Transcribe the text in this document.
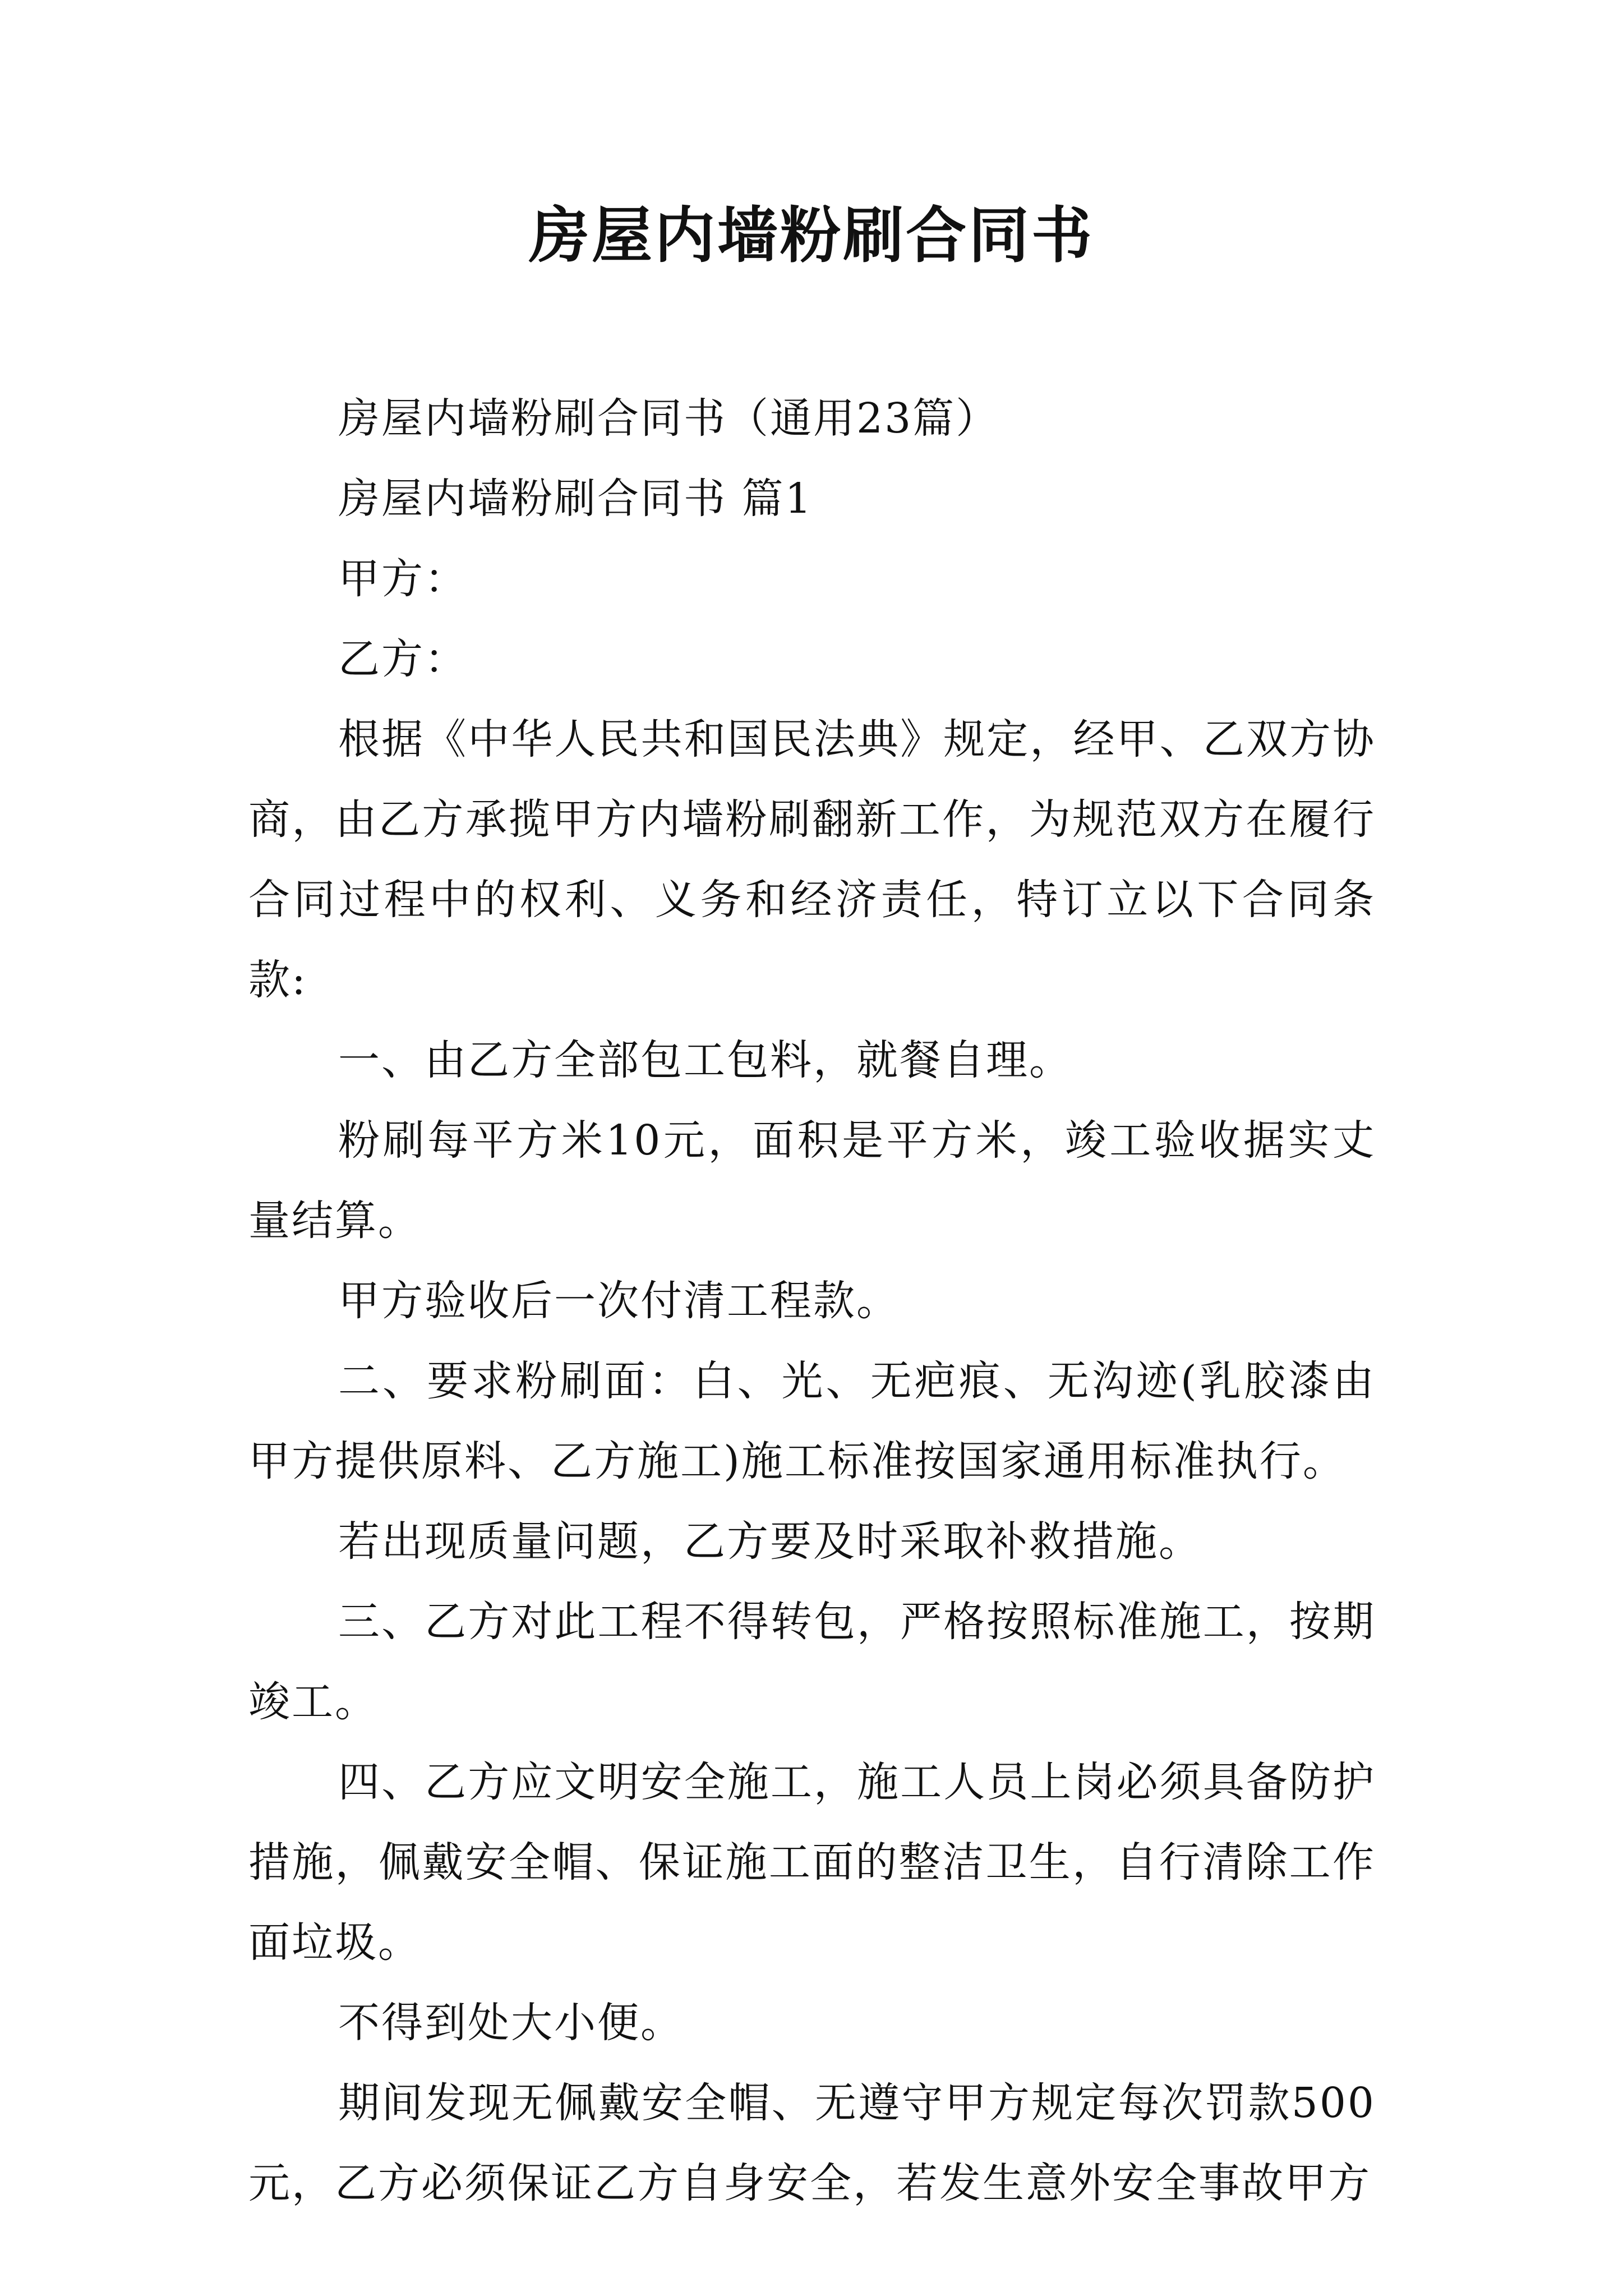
房屋内墙粉刷合同书

房屋内墙粉刷合同书（通用23篇）

房屋内墙粉刷合同书 篇1

甲方：

乙方：

根据《中华人民共和国民法典》规定，经甲、乙双方协商，由乙方承揽甲方内墙粉刷翻新工作，为规范双方在履行合同过程中的权利、义务和经济责任，特订立以下合同条款:

一、由乙方全部包工包料，就餐自理。

粉刷每平方米10元，面积是平方米，竣工验收据实丈量结算。

甲方验收后一次付清工程款。

二、要求粉刷面：白、光、无疤痕、无沟迹(乳胶漆由甲方提供原料、乙方施工)施工标准按国家通用标准执行。

若出现质量问题，乙方要及时采取补救措施。

三、乙方对此工程不得转包，严格按照标准施工，按期竣工。

四、乙方应文明安全施工，施工人员上岗必须具备防护措施，佩戴安全帽、保证施工面的整洁卫生，自行清除工作面垃圾。

不得到处大小便。

期间发现无佩戴安全帽、无遵守甲方规定每次罚款500元，乙方必须保证乙方自身安全，若发生意外安全事故甲方
